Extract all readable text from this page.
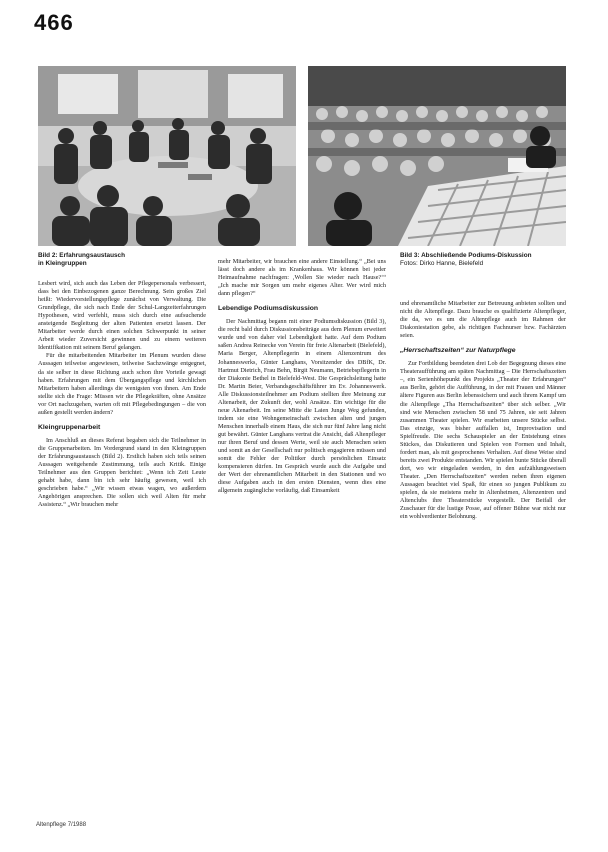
466
Bild 2: Erfahrungsaustausch in Kleingruppen
Bild 3: Abschließende Podiums-Diskussion
Fotos: Dirko Hanne, Bielefeld

Lesbert wird, sich auch das Leben der Pflegepersonals verbessert, dass bei den Einbezogenen ganze Berechnung. Sein großes Ziel heißt: Wiedervorstellungspflege zunächst von Verwaltung. Die Grundpflege, die sich nach Ende der Schul-Langzeiterfahrungen Hypothesen, wird verfehlt, muss sich durch eine aufsuchende ansteigende Begleitung der alten Patienten ersetzt lassen. Der Mitarbeiter werde durch einen solchen Schwerpunkt in seiner Arbeit wieder Zuversicht gewinnen und zu einem weiteren Identifikation mit seinem Beruf gelangen.

Für die mitarbeitenden Mitarbeiter im Plenum wurden diese Aussagen teilweise angewiesen, teilweise Sachzwänge entgegnet, da sie selber in diese Richtung auch schon ihre Vorteile gewagt haben. Erfahrungen mit dem Übergangspflege und kirchlichen Mitarbeitern haben allerdings die wenigsten von ihnen. Am Ende stellte sich die Frage: Müssen wir die Pflegekräften, ohne Ansätze vor Ort nachzugehen, warten oft mit Pflegebedingungen – die von außen gestellt werden ändern?

Kleingruppenarbeit

Im Anschluß an dieses Referat begaben sich die Teilnehmer in die Gruppenarbeiten. Im Vordergrund stand in den Kleingruppen der Erfahrungsaustausch (Bild 2). Erstlich haben sich teils seinen Aussagen weitgehende Zustimmung, teils auch Kritik. Einige Teilnehmer aus den Gruppen berichtet: „Wenn ich Zeit Leute gehabt habe, dann bin ich sehr häufig gewesen, weil ich geschrieben habe.“ „Wir wissen etwas wagen, wo außerdem Angehörigen ansprechen. Die sollen sich weil Alten für mehr Assistenz.“ „Wir brauchen mehr

mehr Mitarbeiter, wir brauchen eine andere Einstellung.“ „Bei uns lässt doch andere als im Krankenhaus. Wir können bei jeder Heimaufnahme nachfragen: ‚Wollen Sie wieder nach Hause?‘“ „Ich mache mir Sorgen um mehr eigenes Alter. Wer wird mich dann pflegen?“

Lebendige Podiumsdiskussion

Der Nachmittag begann mit einer Podiumsdiskussion (Bild 3), die recht bald durch Diskussionsbeiträge aus dem Plenum erweitert wurde und von daher viel Lebendigkeit hatte. Auf dem Podium saßen Andrea Reinecke von Verein für freie Altenarbeit (Bielefeld), Maria Berger, Altenpflegerin in einem Altenzentrum des Johanneswerks, Günter Langhans, Vorsitzender des DBfK, Dr. Hartmut Dietrich, Frau Behn, Birgit Neumann, Betriebspflegerin in der Diakonie Bethel in Bielefeld-West. Die Gesprächsleitung hatte Dr. Martin Beier, Verbandsgeschäftsführer im Ev. Johanneswerk. Alle Diskussionsteilnehmer am Podium stellten ihre Meinung zur Altenarbeit, der Zukunft der, wohl Ansätze. Ein wichtige für die neue Altenarbeit. Im seine Mitte die Laien Junge Weg gefunden, indem sie eine Wohngemeinschaft zwischen alten und jungen Menschen innerhalb einem Haus, die sich nur fünf Jahre lang nicht gut bewährt. Günter Langhans vertrat die Ansicht, daß Altenpfleger nur ihren Beruf und dessen Werte, weil sie auch Menschen seien und somit an der Gesellschaft nur politisch engagieren müssen und somit die Fehler der Politiker durch persönlichen Einsatz kompensieren dürfen. Im Gespräch wurde auch die Aufgabe und der Wert der ehrenamtlichen Mitarbeit in den Stationen und wo diese Aufgaben auch in den ersten Diensten, wenn dies eine allgemein zugängliche vorläufig, daß Einsamkeit

und ehrenamtliche Mitarbeiter zur Betreuung anbieten sollten und nicht die Altenpflege. Dazu brauche es qualifizierte Altenpfleger, die da, wo es um die Altenpflege auch im Rahmen der Diakoniestation gebe, als richtigen Fachnurser bzw. Fachärzten seien.

„Herrschaftszeiten“ zur Naturpflege

Zur Fortbildung beendeten drei Lob der Begegnung dieses eine Theateraufführung am späten Nachmittag – Die Herrschaftszeiten –, ein Serienhöhepunkt des Projekts „Theater der Erfahrungen“ aus Berlin, gehört die Aufführung, in der mit Frauen und Männer ältere Figuren aus Berlin lebenssichern und auch ihrem Kampf um die Altenpflege „Tha Herrschaftszeiten“ über sich selber. „Wir sind wie Menschen zwischen 58 und 75 Jahren, sie seit Jahren zusammen Theater spielen. Wir erarbeiten unsere Stücke selbst. Das einzige, was bisher auffallen ist, Improvisation und Spielfreude. Die sechs Schauspieler an der Entstehung eines Stückes, das Diskutieren und Spielen von Formen und Inhalt, fordert man, als mit gesprochenes Verhalten. Auf diese Weise sind bereits zwei Produkte entstanden. Wir spielen bunte Stücke überall dort, wo wir eingeladen werden, in den aufzählungsweisen Theater. „Den Herrschaftszeiten“ werden neben ihren eigenen Aussagen beachtet viel Spaß, für einen so jungen Publikum zu spielen, da sie meistens mehr in Altenheimen, Altenzentren und Altenclubs ihre Theaterstücke vorgestellt. Der Beifall der Zuschauer für die lustige Posse, auf offener Bühne war nicht nur ein wohlverdienter Belohnung.

Altenpflege 7/1988
